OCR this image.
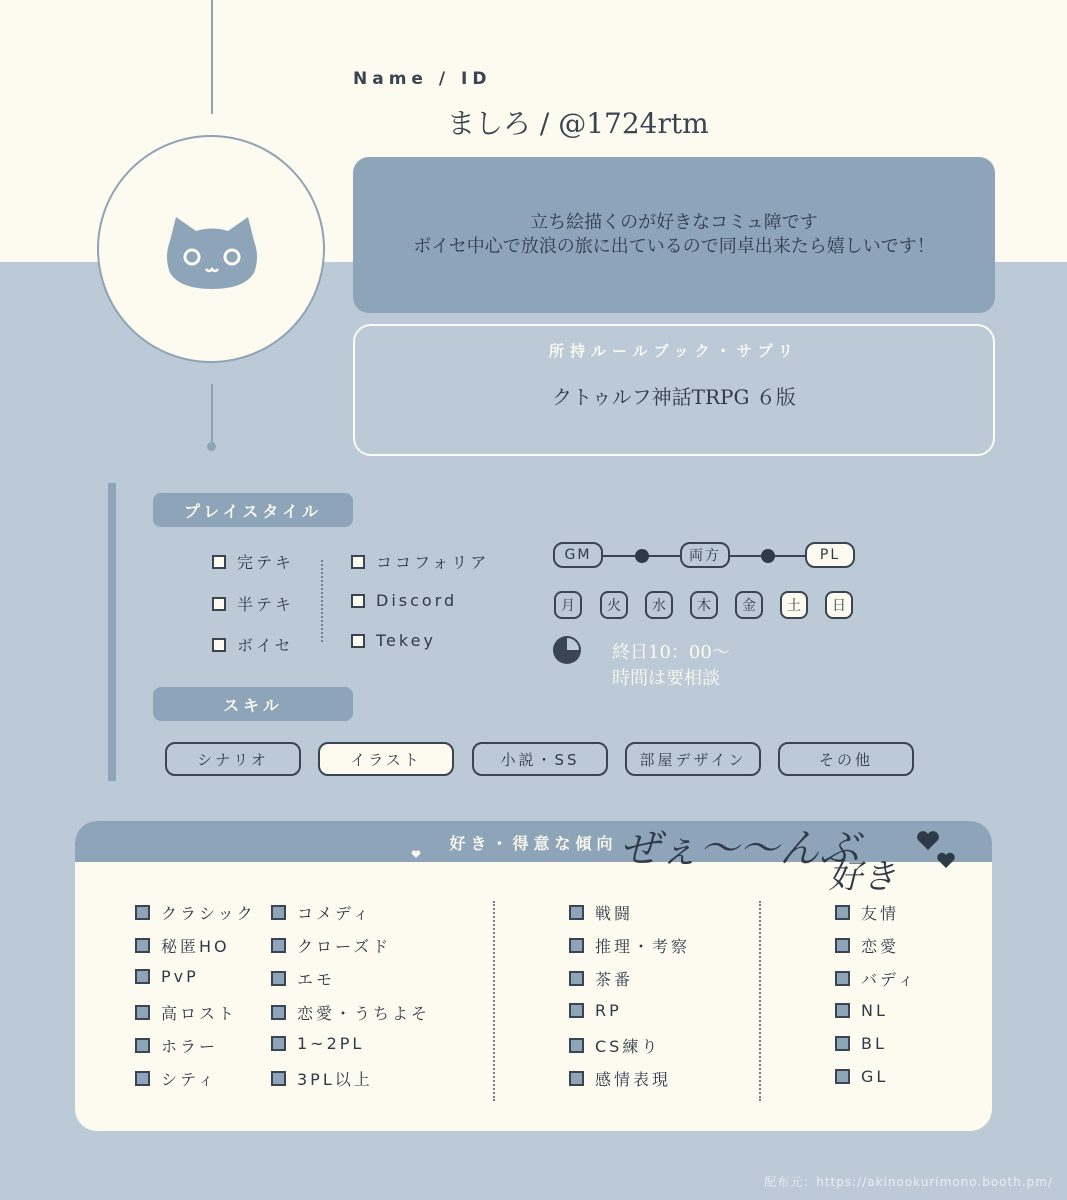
Name / ID
ましろ / @1724rtm
立ち絵描くのが好きなコミュ障です
ボイセ中心で放浪の旅に出ているので同卓出来たら嬉しいです！
所持ルールブック・サプリ
クトゥルフ神話TRPG ６版
プレイスタイル
完テキ
半テキ
ボイセ
ココフォリア
Discord
Tekey
GM	両方	PL
月	火	水	木	金	土	日
終日10：00〜
時間は要相談
スキル
シナリオ	イラスト	小説・SS	部屋デザイン	その他
好き・得意な傾向 ぜぇ〜〜んぶ
好き
クラシック
秘匿HO
PvP
高ロスト
ホラー
シティ
コメディ
クローズド
エモ
恋愛・うちよそ
1~2PL
3PL以上
戦闘
推理・考察
茶番
RP
CS練り
感情表現
友情
恋愛
バディ
NL
BL
GL
配布元：https://akinookurimono.booth.pm/
